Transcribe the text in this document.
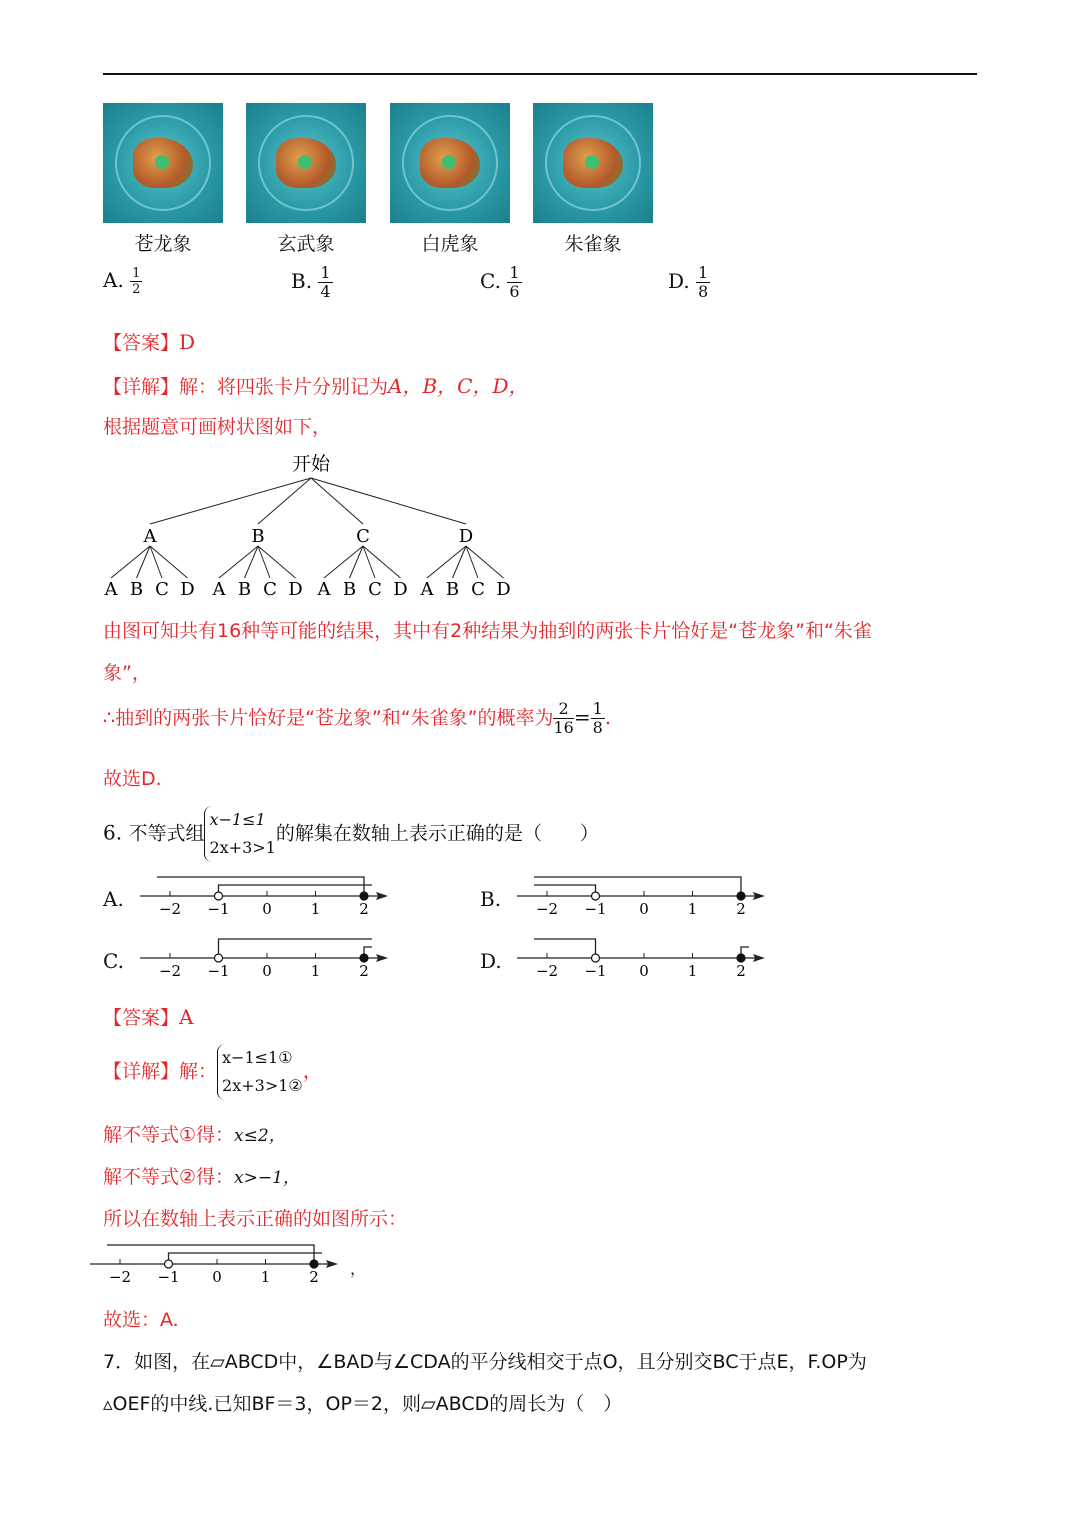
苍龙象	玄武象	白虎象	朱雀象
A. $\frac{1}{2}$	B. $\frac{1}{4}$	C. $\frac{1}{6}$	D. $\frac{1}{8}$
【答案】D
【详解】解：将四张卡片分别记为A，B，C，D，
根据题意可画树状图如下，
开始
A
A B C D
B
A B C D
C
A B C D
D
A B C D
由图可知共有16种等可能的结果，其中有2种结果为抽到的两张卡片恰好是“苍龙象”和“朱雀
象”，
∴抽到的两张卡片恰好是“苍龙象”和“朱雀象”的概率为 $\frac{2}{16} = \frac{1}{8}$ .
故选D.
6. 不等式组
x−1≤1
2x+3>1
的解集在数轴上表示正确的是（　　）
A. −2 −1 0	1	2	B. −2 −1 0	1	2
C. −2 −1 0	1	2	D. −2 −1 0	1	2
【答案】A
【详解】解：
x−1≤1①
2x+3>1②
，
解不等式①得：x≤2，
解不等式②得：x>−1，
所以在数轴上表示正确的如图所示：
−2 −1 0	1	2 ，
故选：A.
7．如图，在▱ABCD中，∠BAD与∠CDA的平分线相交于点O，且分别交BC于点E，F.OP为
▵OEF的中线.已知BF＝3，OP＝2，则▱ABCD的周长为（　）
